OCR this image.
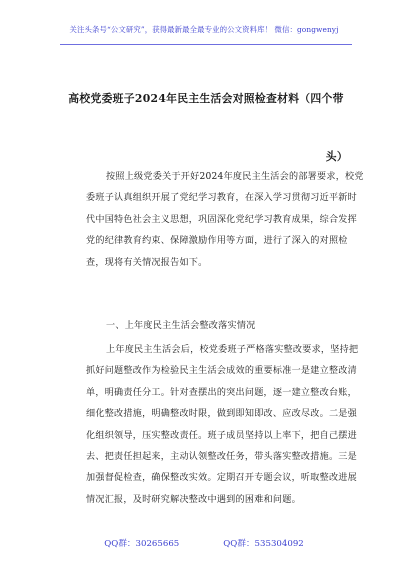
关注头条号“公文研究”，获得最新最全最专业的公文资料库！ 微信：gongwenyj
高校党委班子2024年民主生活会对照检查材料（四个带
头）

按照上级党委关于开好2024年度民主生活会的部署要求，校党委班子认真组织开展了党纪学习教育，在深入学习贯彻习近平新时代中国特色社会主义思想，巩固深化党纪学习教育成果，综合发挥党的纪律教育约束、保障激励作用等方面，进行了深入的对照检查，现将有关情况报告如下。

一、上年度民主生活会整改落实情况

上年度民主生活会后，校党委班子严格落实整改要求，坚持把抓好问题整改作为检验民主生活会成效的重要标准一是建立整改清单，明确责任分工。针对查摆出的突出问题，逐一建立整改台账，细化整改措施，明确整改时限，做到即知即改、应改尽改。二是强化组织领导，压实整改责任。班子成员坚持以上率下，把自己摆进去、把责任担起来，主动认领整改任务，带头落实整改措施。三是加强督促检查，确保整改实效。定期召开专题会议，听取整改进展情况汇报，及时研究解决整改中遇到的困难和问题。

QQ群：30265665	QQ群：535304092
